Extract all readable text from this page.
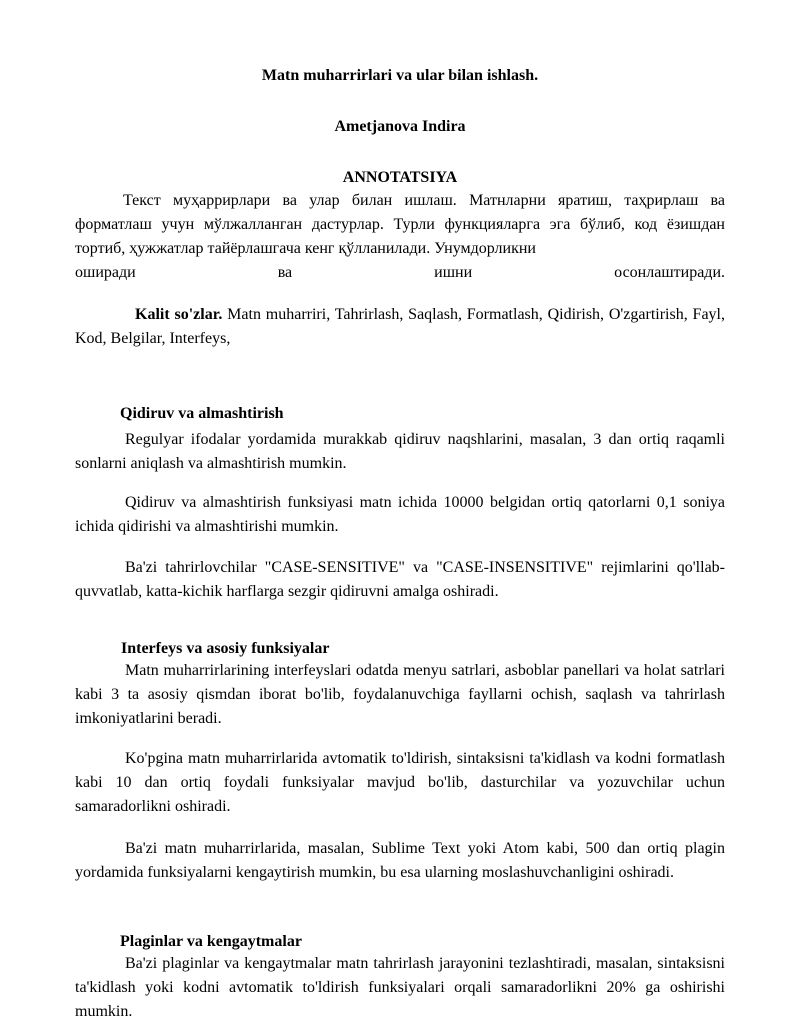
Matn muharrirlari va ular bilan ishlash.
Ametjanova Indira
ANNOTATSIYA

Текст муҳаррирлари ва улар билан ишлаш. Матнларни яратиш, таҳрирлаш ва форматлаш учун мўлжалланган дастурлар. Турли функцияларга эга бўлиб, код ёзишдан тортиб, ҳужжатлар тайёрлашгача кенг қўлланилади. Унумдорликни

оширади ва ишни осонлаштиради.

Kalit so'zlar. Matn muharriri, Tahrirlash, Saqlash, Formatlash, Qidirish, O'zgartirish, Fayl, Kod, Belgilar, Interfeys,

Qidiruv va almashtirish

Regulyar ifodalar yordamida murakkab qidiruv naqshlarini, masalan, 3 dan ortiq raqamli sonlarni aniqlash va almashtirish mumkin.

Qidiruv va almashtirish funksiyasi matn ichida 10000 belgidan ortiq qatorlarni 0,1 soniya ichida qidirishi va almashtirishi mumkin.

Ba'zi tahrirlovchilar "CASE-SENSITIVE" va "CASE-INSENSITIVE" rejimlarini qo'llab-quvvatlab, katta-kichik harflarga sezgir qidiruvni amalga oshiradi.

Interfeys va asosiy funksiyalar

Matn muharrirlarining interfeyslari odatda menyu satrlari, asboblar panellari va holat satrlari kabi 3 ta asosiy qismdan iborat bo'lib, foydalanuvchiga fayllarni ochish, saqlash va tahrirlash imkoniyatlarini beradi.

Ko'pgina matn muharrirlarida avtomatik to'ldirish, sintaksisni ta'kidlash va kodni formatlash kabi 10 dan ortiq foydali funksiyalar mavjud bo'lib, dasturchilar va yozuvchilar uchun samaradorlikni oshiradi.

Ba'zi matn muharrirlarida, masalan, Sublime Text yoki Atom kabi, 500 dan ortiq plagin yordamida funksiyalarni kengaytirish mumkin, bu esa ularning moslashuvchanligini oshiradi.

Plaginlar va kengaytmalar

Ba'zi plaginlar va kengaytmalar matn tahrirlash jarayonini tezlashtiradi, masalan, sintaksisni ta'kidlash yoki kodni avtomatik to'ldirish funksiyalari orqali samaradorlikni 20% ga oshirishi mumkin.
